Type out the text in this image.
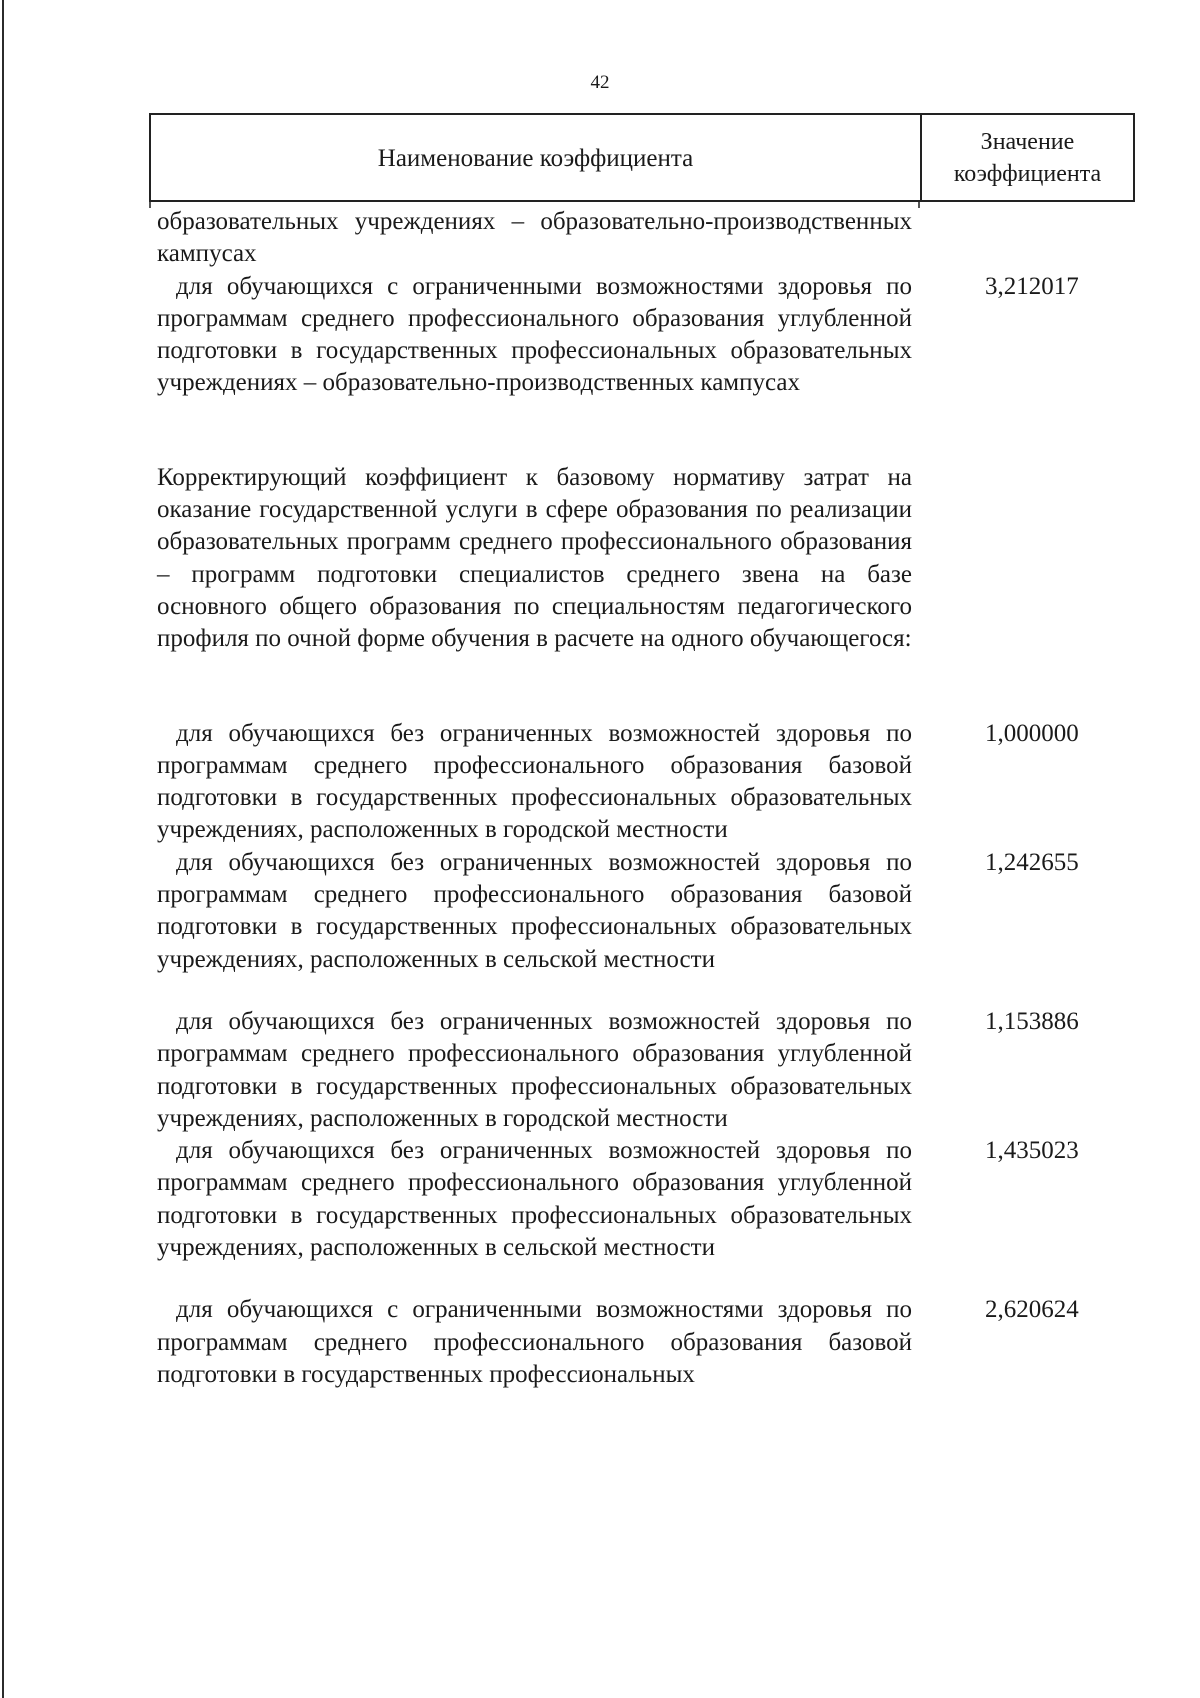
42
Наименование коэффициента
Значение
коэффициента
образовательных учреждениях – образовательно-производственных кампусах
для обучающихся с ограниченными возможностями здоровья по программам среднего профессионального образования углубленной подготовки в государственных профессиональных образовательных учреждениях – образовательно-производственных кампусах
3,212017
Корректирующий коэффициент к базовому нормативу затрат на оказание государственной услуги в сфере образования по реализации образовательных программ среднего профессионального образования – программ подготовки специалистов среднего звена на базе основного общего образования по специальностям педагогического профиля по очной форме обучения в расчете на одного обучающегося:
для обучающихся без ограниченных возможностей здоровья по программам среднего профессионального образования базовой подготовки в государственных профессиональных образовательных учреждениях, расположенных в городской местности
1,000000
для обучающихся без ограниченных возможностей здоровья по программам среднего профессионального образования базовой подготовки в государственных профессиональных образовательных учреждениях, расположенных в сельской местности
1,242655
для обучающихся без ограниченных возможностей здоровья по программам среднего профессионального образования углубленной подготовки в государственных профессиональных образовательных учреждениях, расположенных в городской местности
1,153886
для обучающихся без ограниченных возможностей здоровья по программам среднего профессионального образования углубленной подготовки в государственных профессиональных образовательных учреждениях, расположенных в сельской местности
1,435023
для обучающихся с ограниченными возможностями здоровья по программам среднего профессионального образования базовой подготовки в государственных профессиональных
2,620624
